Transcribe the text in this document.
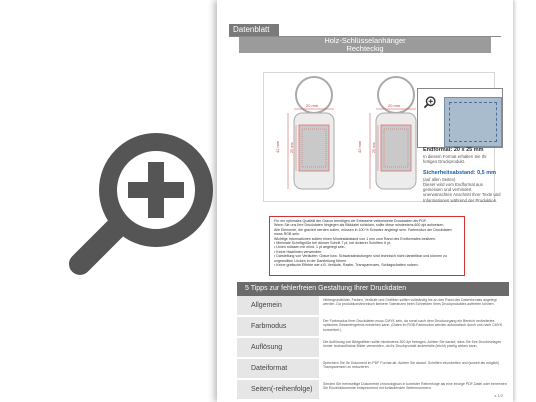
Datenblatt
Holz-Schlüsselanhänger
Rechteckig
20 mm
42 mm	25 mm
20 mm
42 mm	25 mm	Endformat: 20 x 25 mm
In diesem Format erhalten Sie Ihr fertiges Druckprodukt.
Sicherheitsabstand: 0,5 mm
(auf allen Seiten)
Dieser wird vom Endformat aus gemessen und verhindert unerwünschten Anschnitt Ihrer Texte und Informationen während der Produktion.
Für ein optimales Qualität der Gravur benötigen wir Erfassene vektorisierte Druckdaten als PDF.
Wenn Sie uns Ihre Druckdaten hingegen als Bilddatei schicken, sollte diese mindestens 600 dpi aufweisen.
Alle Elemente, die graviert werden sollen, müssen in 100 % Schwarz angelegt sein. Farbmodus der Druckdaten muss RGB sein.
Wichtige Informationen sollten einen Mindestabstand von 1 mm zum Rand des Endformates besitzen.
• Minimale Schriftgröße bei dünner Schrift 7 pt, bei dickerer Schriften 6 pt.
• Linien müssen mit mind. 1 pt angelegt sein.
• Keine Haarlinien verwenden.
• Darstellung von Verläufen: Graue bzw. Schwarzabstufungen sind technisch nicht darstellbar und können zu ungewollten Lücken in der Darstellung führen.
• Keine grafische Effekte wie z.B. Verläufe, Raster, Transparenzen, Schlagschatten nutzen.
5 Tipps zur fehlerfreien Gestaltung Ihrer Druckdaten
Allgemein
Hintergrundbilder, Farben, Verläufe und Grafiken sollten vollständig bis an den Rand des Datenformats angelegt werden. Da produktionstechnisch kleinere Toleranzen beim Schneiden Ihres Druckproduktes auftreten können.
Farbmodus
Der Farbmodus Ihrer Druckdaten muss CMYK sein, da sonst nach dem Druckvorgang ein Bereich verändertes optisches Gesamtergebnis entstehen kann. (Daten im RGB-Farbmodus werden automatisch durch uns nach CMYK konvertiert.)
Auflösung
Die Auflösung von Bildgrafiken sollte mindestens 300 dpi betragen. Achten Sie darauf, dass Sie Ihre Druckvorlagen immer hochauflösbar Bilder verwenden, da Ihr Druckprodukt andernfalls (leicht) pixelig wirken kann.
Dateiformat
Speichern Sie Ihr Dokument im PDF Format ab. Achten Sie darauf, Schriften einzubetten und (soweit als möglich) Transparenzen zu reduzieren.
Seiten(-reihenfolge)
Senden Sie mehrseitige Dokumente chronologisch in korrekter Reihenfolge als eine einzige PDF-Datei oder benennen Sie Einzeldokumente entsprechend mit fortlaufenden Seitennummern.
s.1/2
